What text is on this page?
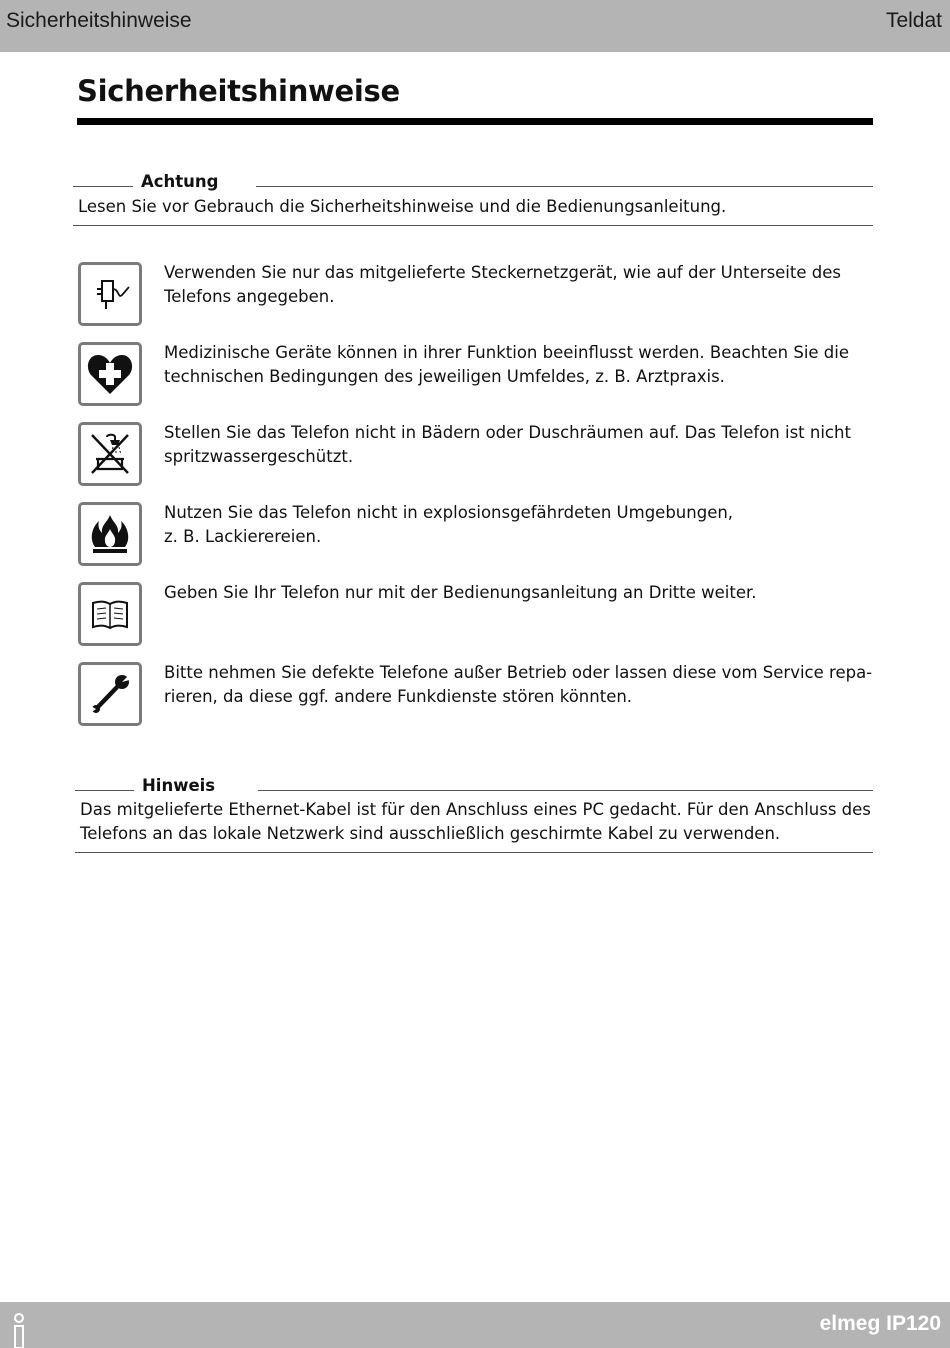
Sicherheitshinweise	Teldat
Sicherheitshinweise
Achtung
Lesen Sie vor Gebrauch die Sicherheitshinweise und die Bedienungsanleitung.

Verwenden Sie nur das mitgelieferte Steckernetzgerät, wie auf der Unterseite des
Telefons angegeben.

Medizinische Geräte können in ihrer Funktion beeinflusst werden. Beachten Sie die
technischen Bedingungen des jeweiligen Umfeldes, z. B. Arztpraxis.

Stellen Sie das Telefon nicht in Bädern oder Duschräumen auf. Das Telefon ist nicht
spritzwassergeschützt.

Nutzen Sie das Telefon nicht in explosionsgefährdeten Umgebungen,
z. B. Lackierereien.

Geben Sie Ihr Telefon nur mit der Bedienungsanleitung an Dritte weiter.

Bitte nehmen Sie defekte Telefone außer Betrieb oder lassen diese vom Service repa-
rieren, da diese ggf. andere Funkdienste stören könnten.

Hinweis
Das mitgelieferte Ethernet-Kabel ist für den Anschluss eines PC gedacht. Für den Anschluss des
Telefons an das lokale Netzwerk sind ausschließlich geschirmte Kabel zu verwenden.
elmeg IP120
